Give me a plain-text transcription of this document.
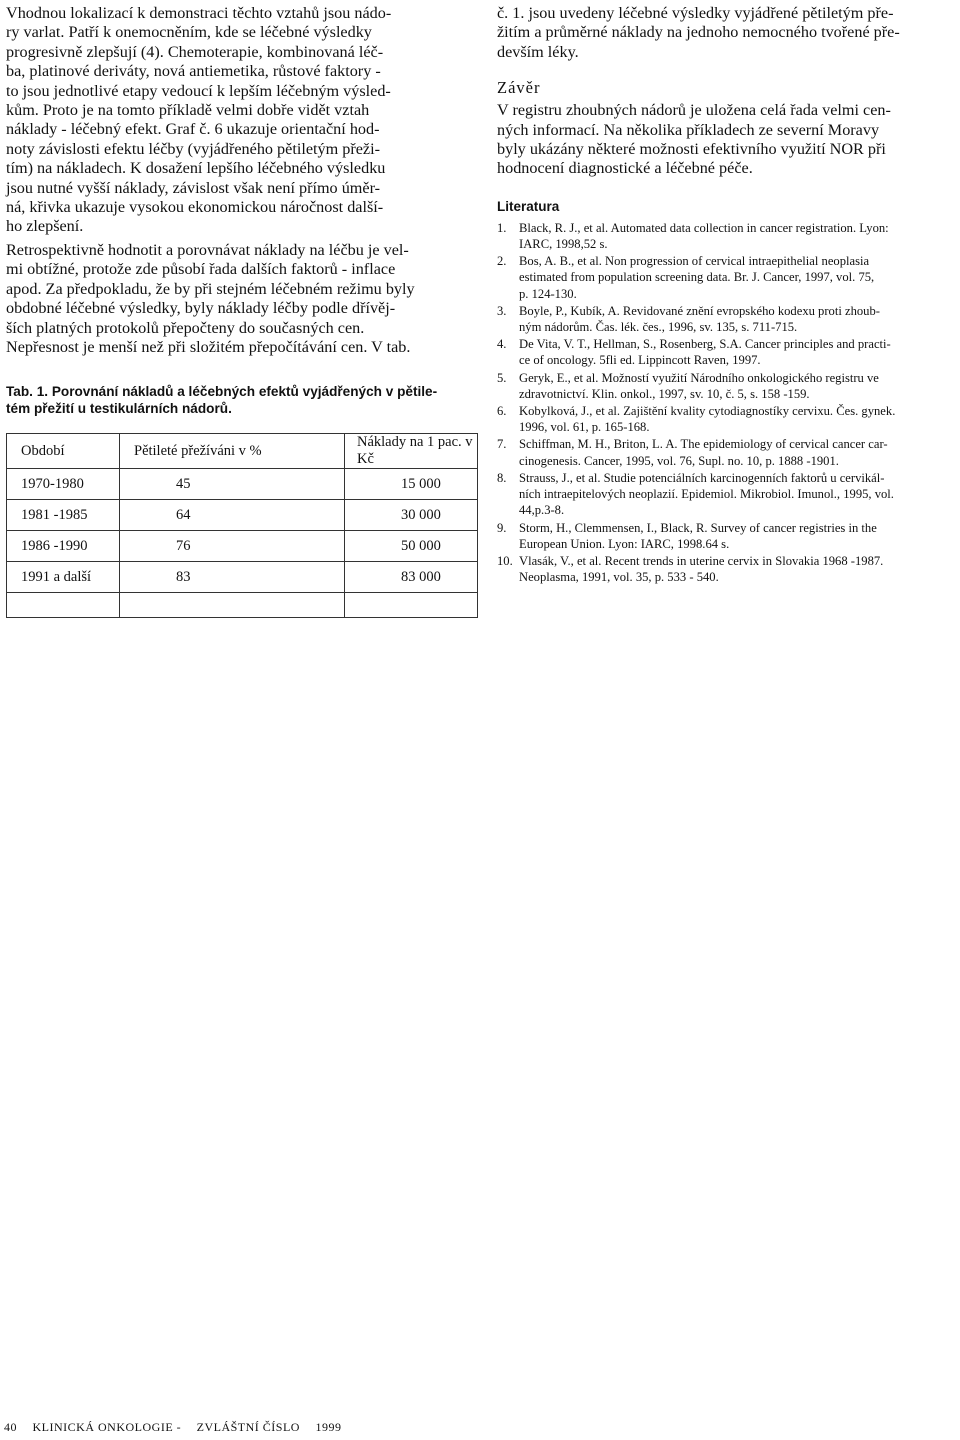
Vhodnou lokalizací k demonstraci těchto vztahů jsou nádo-
ry varlat. Patří k onemocněním, kde se léčebné výsledky
progresivně zlepšují (4). Chemoterapie, kombinovaná léč-
ba, platinové deriváty, nová antiemetika, růstové faktory -
to jsou jednotlivé etapy vedoucí k lepším léčebným výsled-
kům. Proto je na tomto příkladě velmi dobře vidět vztah
náklady - léčebný efekt. Graf č. 6 ukazuje orientační hod-
noty závislosti efektu léčby (vyjádřeného pětiletým přeži-
tím) na nákladech. K dosažení lepšího léčebného výsledku
jsou nutné vyšší náklady, závislost však není přímo úměr-
ná, křivka ukazuje vysokou ekonomickou náročnost další-
ho zlepšení.

Retrospektivně hodnotit a porovnávat náklady na léčbu je vel-
mi obtížné, protože zde působí řada dalších faktorů - inflace
apod. Za předpokladu, že by při stejném léčebném režimu byly
obdobné léčebné výsledky, byly náklady léčby podle dřívěj-
ších platných protokolů přepočteny do současných cen.
Nepřesnost je menší než při složitém přepočítávání cen. V tab.

Tab. 1. Porovnání nákladů a léčebných efektů vyjádřených v pětile-
tém přežití u testikulárních nádorů.
Období	Pětileté přežíváni v %	Náklady na 1 pac. v Kč
1970-1980	45	15 000
1981 -1985	64	30 000
1986 -1990	76	50 000
1991 a další	83	83 000

č. 1. jsou uvedeny léčebné výsledky vyjádřené pětiletým pře-
žitím a průměrné náklady na jednoho nemocného tvořené pře-
devším léky.

Závěr

V registru zhoubných nádorů je uložena celá řada velmi cen-
ných informací. Na několika příkladech ze severní Moravy
byly ukázány některé možnosti efektivního využití NOR při
hodnocení diagnostické a léčebné péče.

Literatura
1. Black, R. J., et al. Automated data collection in cancer registration. Lyon:
IARC, 1998,52 s.
2. Bos, A. B., et al. Non progression of cervical intraepithelial neoplasia
estimated from population screening data. Br. J. Cancer, 1997, vol. 75,
p. 124-130.
3. Boyle, P., Kubík, A. Revidované znění evropského kodexu proti zhoub-
ným nádorům. Čas. lék. čes., 1996, sv. 135, s. 711-715.
4. De Vita, V. T., Hellman, S., Rosenberg, S.A. Cancer principles and practi-
ce of oncology. 5fli ed. Lippincott Raven, 1997.
5. Geryk, E., et al. Možností využití Národního onkologického registru ve
zdravotnictví. Klin. onkol., 1997, sv. 10, č. 5, s. 158 -159.
6. Kobylková, J., et al. Zajištění kvality cytodiagnostíky cervixu. Čes. gynek.
1996, vol. 61, p. 165-168.
7. Schiffman, M. H., Briton, L. A. The epidemiology of cervical cancer car-
cinogenesis. Cancer, 1995, vol. 76, Supl. no. 10, p. 1888 -1901.
8. Strauss, J., et al. Studie potenciálních karcinogenních faktorů u cervikál-
ních intraepitelových neoplazií. Epidemiol. Mikrobiol. Imunol., 1995, vol.
44,p.3-8.
9. Storm, H., Clemmensen, I., Black, R. Survey of cancer registries in the
European Union. Lyon: IARC, 1998.64 s.
10. Vlasák, V., et al. Recent trends in uterine cervix in Slovakia 1968 -1987.
Neoplasma, 1991, vol. 35, p. 533 - 540.
40 KLINICKÁ ONKOLOGIE - ZVLÁŠTNÍ ČÍSLO 1999
